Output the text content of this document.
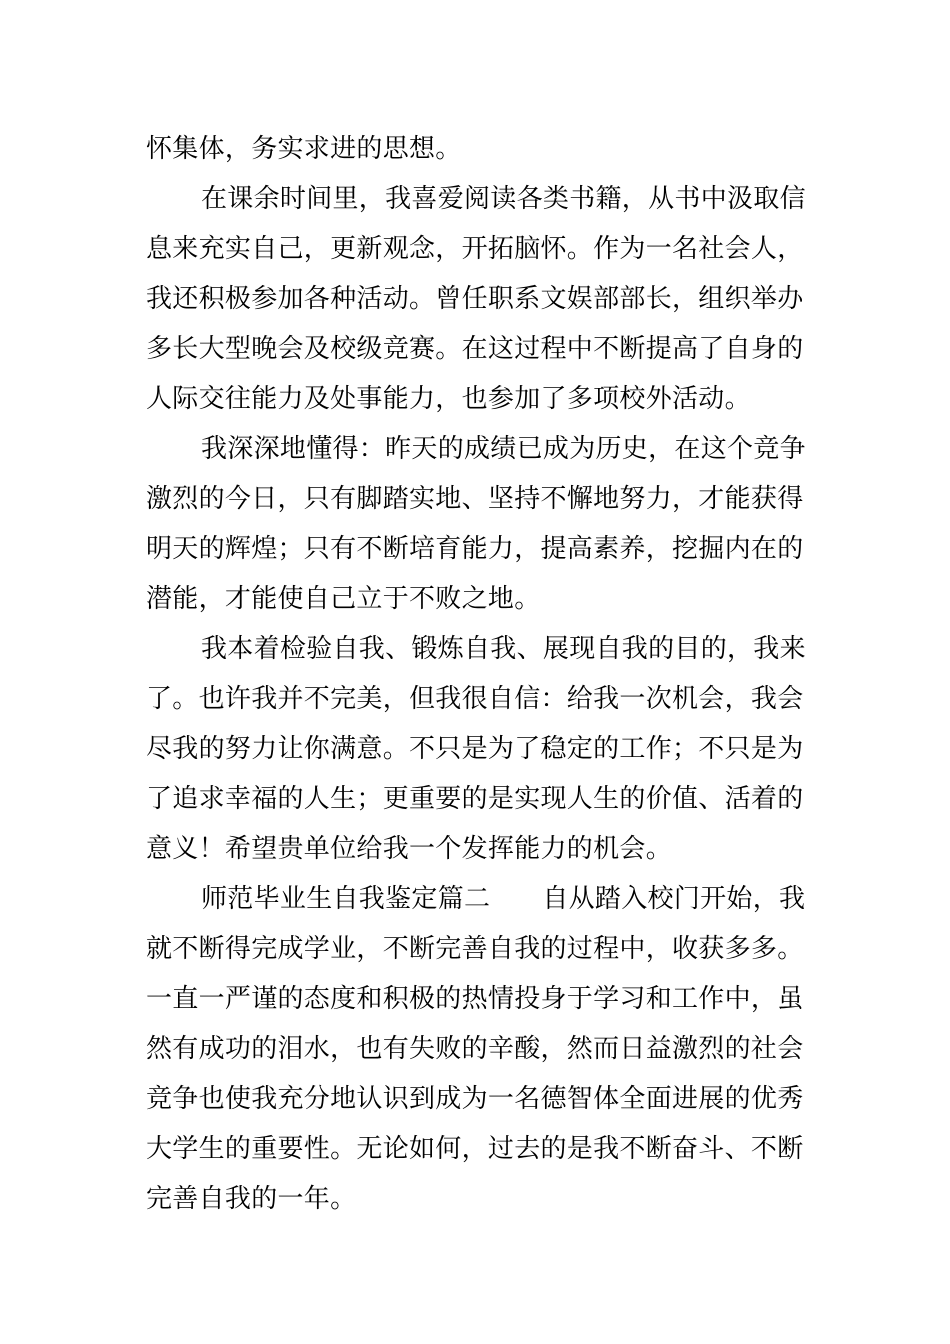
怀集体，务实求进的思想。
在课余时间里，我喜爱阅读各类书籍，从书中汲取信
息来充实自己，更新观念，开拓脑怀。作为一名社会人，
我还积极参加各种活动。曾任职系文娱部部长，组织举办
多长大型晚会及校级竞赛。在这过程中不断提高了自身的
人际交往能力及处事能力，也参加了多项校外活动。
我深深地懂得：昨天的成绩已成为历史，在这个竞争
激烈的今日，只有脚踏实地、坚持不懈地努力，才能获得
明天的辉煌；只有不断培育能力，提高素养，挖掘内在的
潜能，才能使自己立于不败之地。
我本着检验自我、锻炼自我、展现自我的目的，我来
了。也许我并不完美，但我很自信：给我一次机会，我会
尽我的努力让你满意。不只是为了稳定的工作；不只是为
了追求幸福的人生；更重要的是实现人生的价值、活着的
意义！希望贵单位给我一个发挥能力的机会。
师范毕业生自我鉴定篇二 自从踏入校门开始，我
就不断得完成学业，不断完善自我的过程中，收获多多。
一直一严谨的态度和积极的热情投身于学习和工作中，虽
然有成功的泪水，也有失败的辛酸，然而日益激烈的社会
竞争也使我充分地认识到成为一名德智体全面进展的优秀
大学生的重要性。无论如何，过去的是我不断奋斗、不断
完善自我的一年。
